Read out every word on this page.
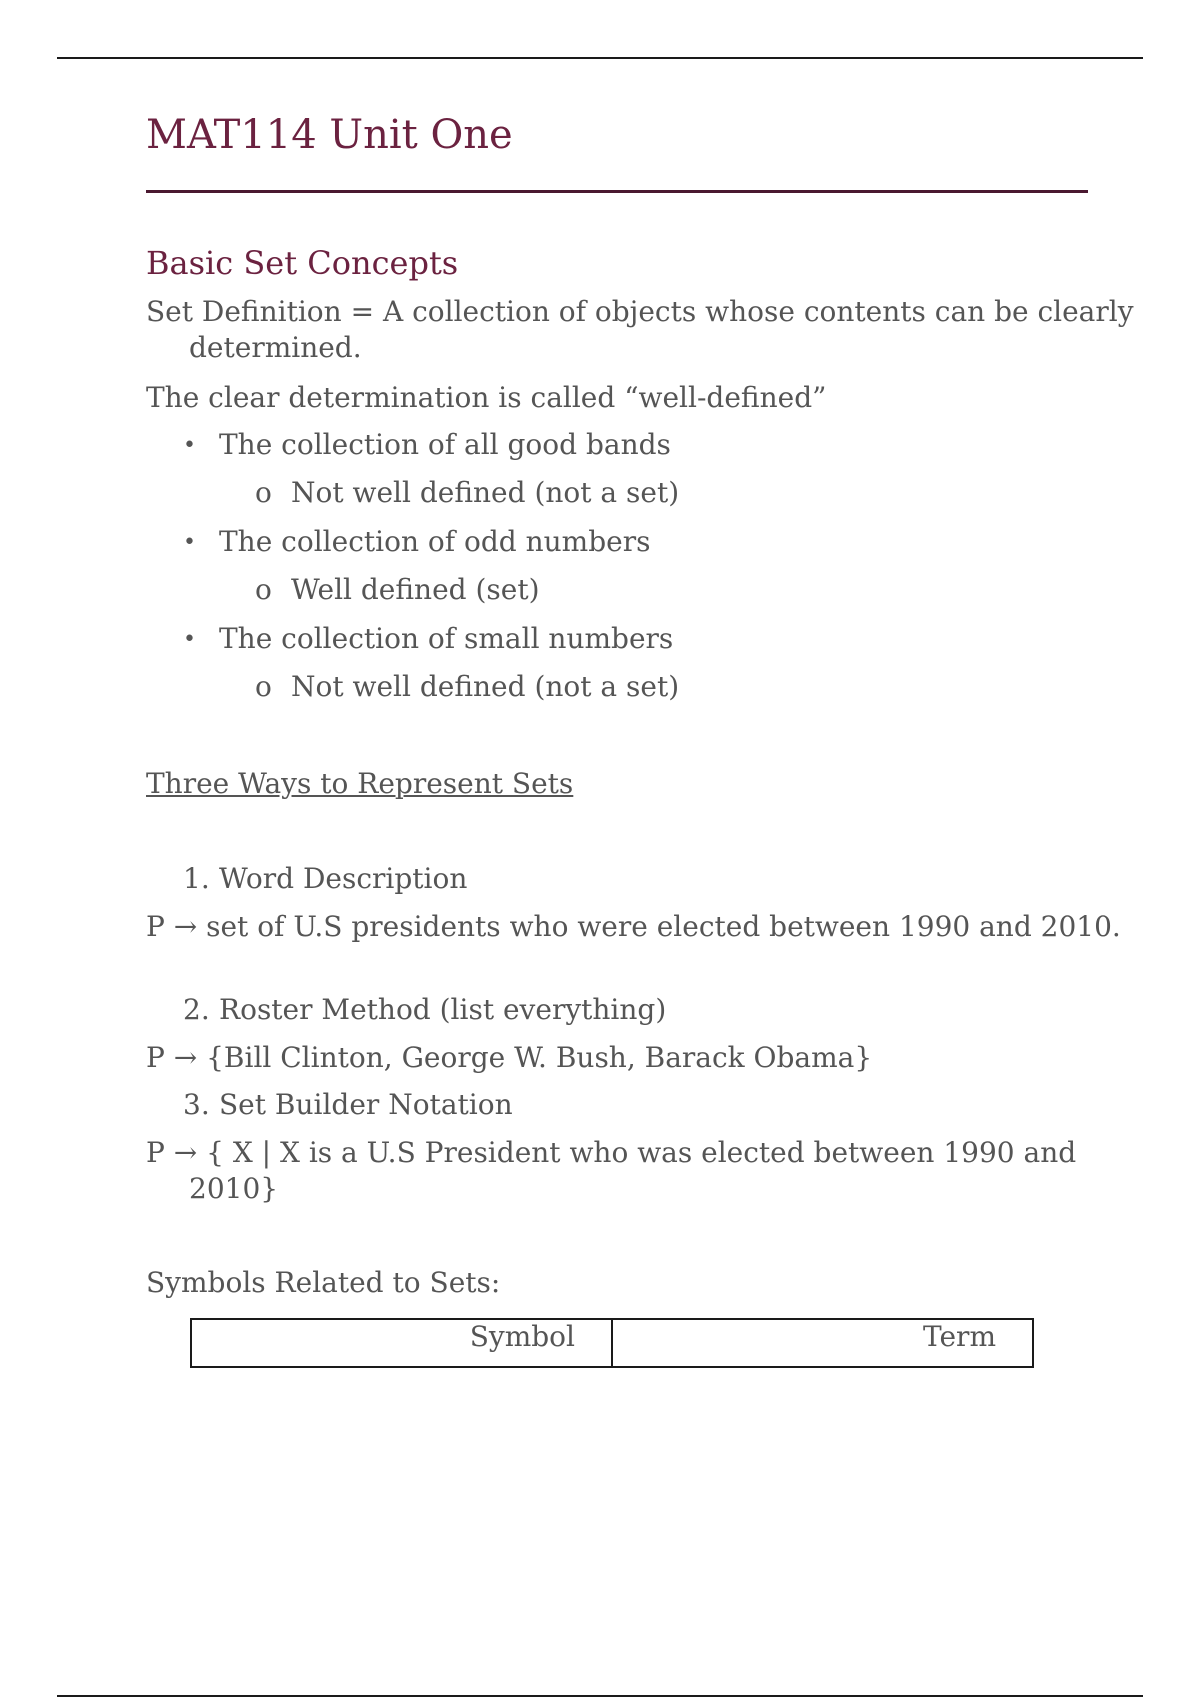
MAT114 Unit One
Basic Set Concepts
Set Definition = A collection of objects whose contents can be clearly determined.
The clear determination is called “well-defined”
• The collection of all good bands
o Not well defined (not a set)
• The collection of odd numbers
o Well defined (set)
• The collection of small numbers
o Not well defined (not a set)
Three Ways to Represent Sets
1. Word Description
P → set of U.S presidents who were elected between 1990 and 2010.
2. Roster Method (list everything)
P → {Bill Clinton, George W. Bush, Barack Obama}
3. Set Builder Notation
P → { X | X is a U.S President who was elected between 1990 and 2010}
Symbols Related to Sets:
Symbol	Term
